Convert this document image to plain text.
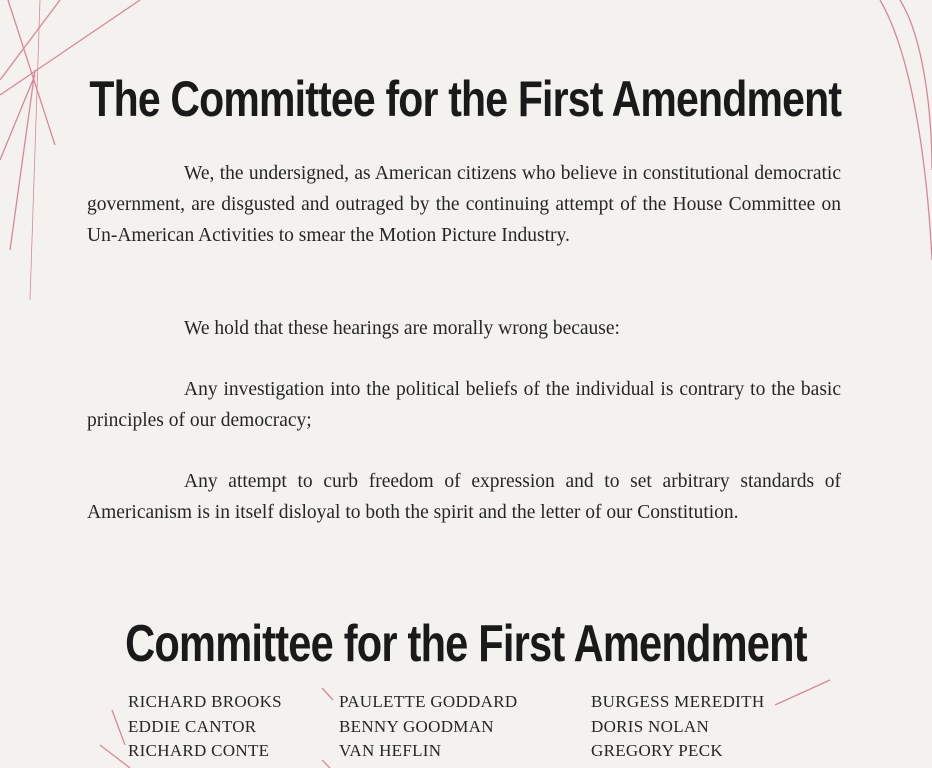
The Committee for the First Amendment

We, the undersigned, as American citizens who believe in constitutional democratic government, are disgusted and outraged by the continuing attempt of the House Committee on Un-American Activities to smear the Motion Picture Industry.

We hold that these hearings are morally wrong because:

Any investigation into the political beliefs of the individual is contrary to the basic principles of our democracy;

Any attempt to curb freedom of expression and to set arbitrary standards of Americanism is in itself disloyal to both the spirit and the letter of our Constitution.

Committee for the First Amendment
RICHARD BROOKS
EDDIE CANTOR
RICHARD CONTE
PAULETTE GODDARD
BENNY GOODMAN
VAN HEFLIN
BURGESS MEREDITH
DORIS NOLAN
GREGORY PECK
